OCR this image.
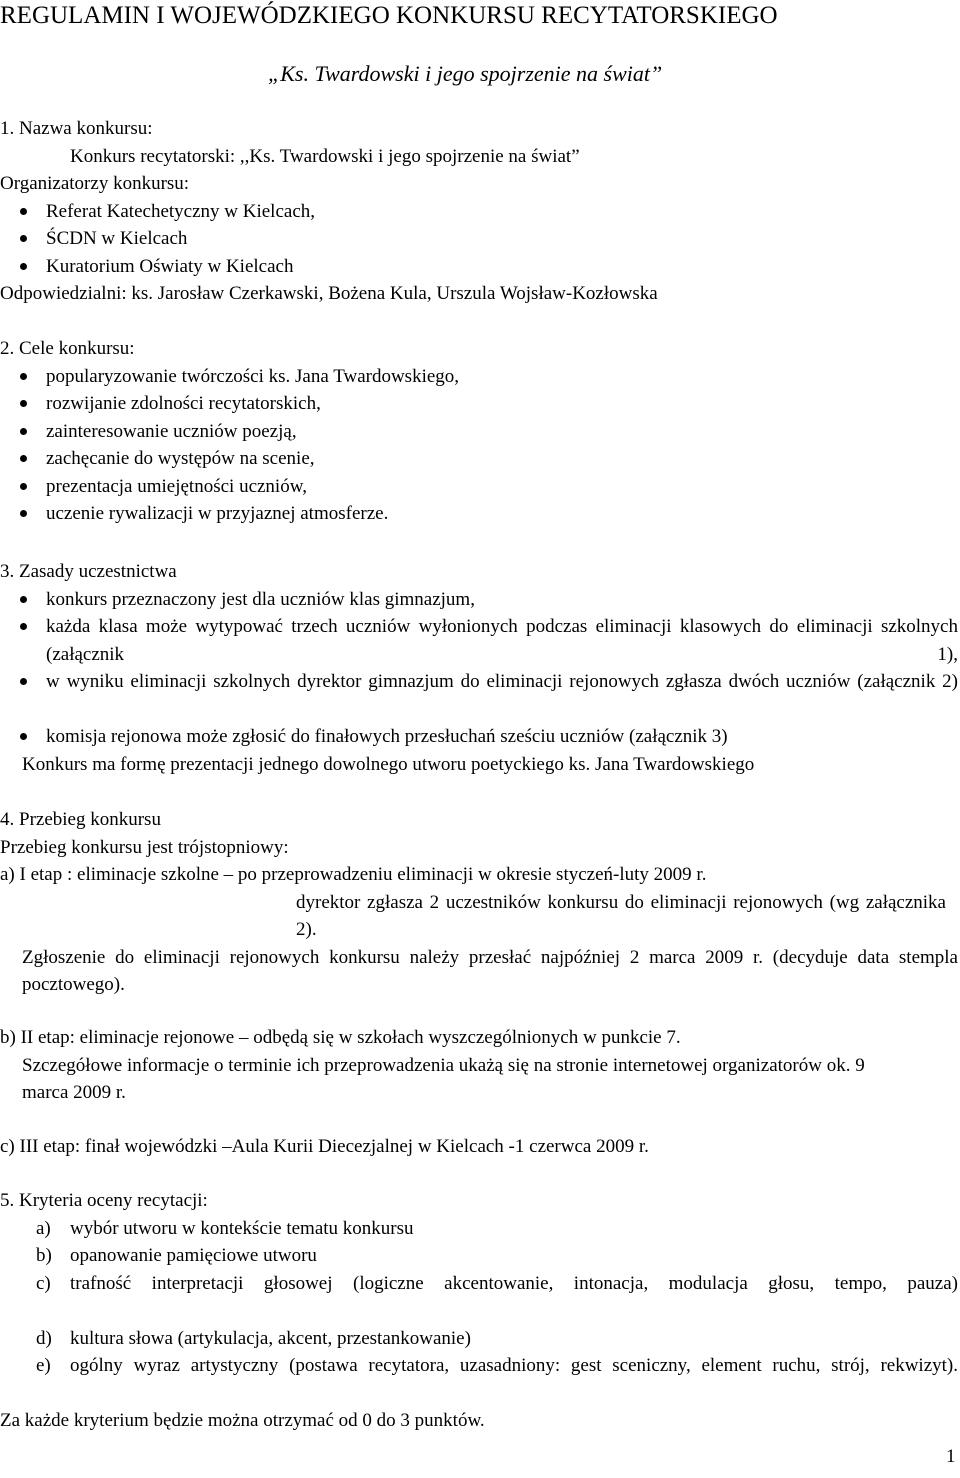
REGULAMIN I WOJEWÓDZKIEGO KONKURSU RECYTATORSKIEGO
„Ks. Twardowski i jego spojrzenie na świat”
1. Nazwa konkursu:
Konkurs recytatorski: ,,Ks. Twardowski i jego spojrzenie na świat”
Organizatorzy konkursu:
Referat Katechetyczny w Kielcach,
ŚCDN w Kielcach
Kuratorium Oświaty w Kielcach
Odpowiedzialni: ks. Jarosław Czerkawski, Bożena Kula, Urszula Wojsław-Kozłowska
2. Cele konkursu:
popularyzowanie twórczości ks. Jana Twardowskiego,
rozwijanie zdolności recytatorskich,
zainteresowanie uczniów poezją,
zachęcanie do występów na scenie,
prezentacja umiejętności uczniów,
uczenie rywalizacji w przyjaznej atmosferze.
3. Zasady uczestnictwa
konkurs przeznaczony jest dla uczniów klas gimnazjum,
każda klasa może wytypować trzech uczniów wyłonionych podczas eliminacji klasowych do eliminacji szkolnych (załącznik 1),
w wyniku eliminacji szkolnych dyrektor gimnazjum do eliminacji rejonowych zgłasza dwóch uczniów (załącznik 2)
komisja rejonowa może zgłosić do finałowych przesłuchań sześciu uczniów (załącznik 3)
Konkurs ma formę prezentacji jednego dowolnego utworu poetyckiego ks. Jana Twardowskiego
4. Przebieg konkursu
Przebieg konkursu jest trójstopniowy:
a) I etap : eliminacje szkolne – po przeprowadzeniu eliminacji w okresie styczeń-luty 2009 r.
dyrektor zgłasza 2 uczestników konkursu do eliminacji rejonowych (wg załącznika 2).
Zgłoszenie do eliminacji rejonowych konkursu należy przesłać najpóźniej 2 marca 2009 r. (decyduje data stempla pocztowego).
b) II etap: eliminacje rejonowe – odbędą się w szkołach wyszczególnionych w punkcie 7.
Szczegółowe informacje o terminie ich przeprowadzenia ukażą się na stronie internetowej organizatorów ok. 9 marca 2009 r.
c) III etap: finał wojewódzki –Aula Kurii Diecezjalnej w Kielcach -1 czerwca 2009 r.
5. Kryteria oceny recytacji:
a) wybór utworu w kontekście tematu konkursu
b) opanowanie pamięciowe utworu
c) trafność interpretacji głosowej (logiczne akcentowanie, intonacja, modulacja głosu, tempo, pauza)
d) kultura słowa (artykulacja, akcent, przestankowanie)
e) ogólny wyraz artystyczny (postawa recytatora, uzasadniony: gest sceniczny, element ruchu, strój, rekwizyt).
Za każde kryterium będzie można otrzymać od 0 do 3 punktów.
1
